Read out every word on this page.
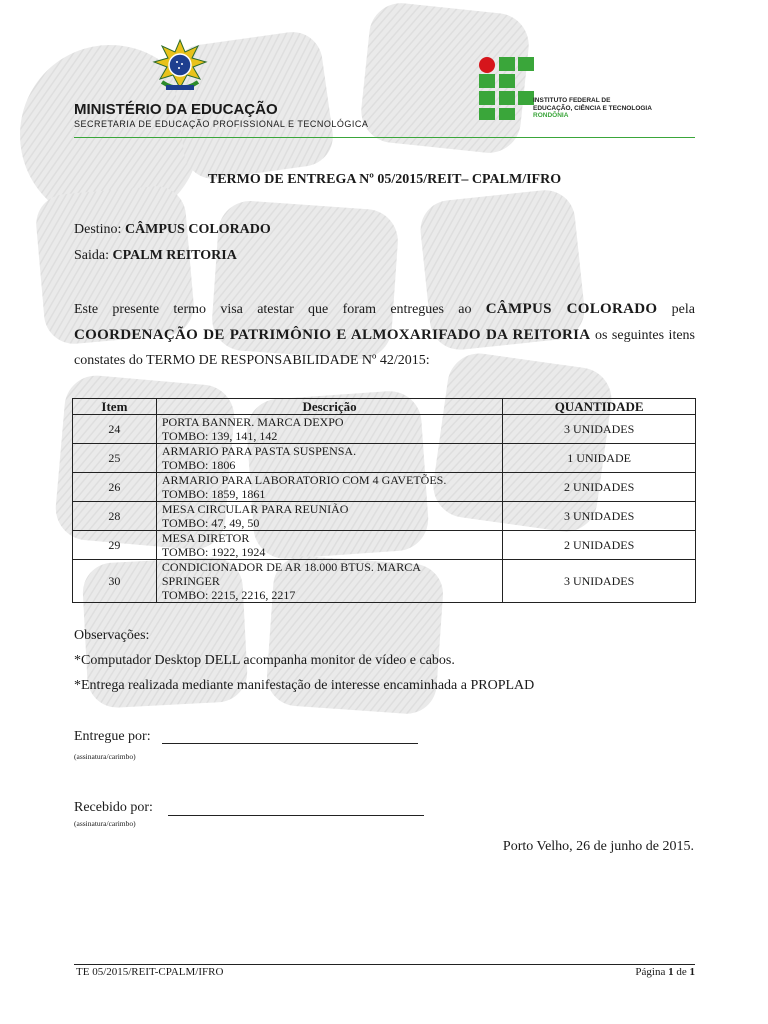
MINISTÉRIO DA EDUCAÇÃO

SECRETARIA DE EDUCAÇÃO PROFISSIONAL E TECNOLÓGICA

INSTITUTO FEDERAL DE
EDUCAÇÃO, CIÊNCIA E TECNOLOGIA
RONDÔNIA

TERMO DE ENTREGA Nº 05/2015/REIT– CPALM/IFRO

Destino: CÂMPUS COLORADO

Saida: CPALM REITORIA

Este presente termo visa atestar que foram entregues ao CÂMPUS COLORADO pela COORDENAÇÃO DE PATRIMÔNIO E ALMOXARIFADO DA REITORIA os seguintes itens constates do TERMO DE RESPONSABILIDADE Nº 42/2015:

Item	Descrição	QUANTIDADE
24	PORTA BANNER. MARCA DEXPO
TOMBO: 139, 141, 142	3 UNIDADES
25	ARMARIO PARA PASTA SUSPENSA.
TOMBO: 1806	1 UNIDADE
26	ARMARIO PARA LABORATORIO COM 4 GAVETÕES.
TOMBO: 1859, 1861	2 UNIDADES
28	MESA CIRCULAR PARA REUNIÃO
TOMBO: 47, 49, 50	3 UNIDADES
29	MESA DIRETOR
TOMBO: 1922, 1924	2 UNIDADES
30	CONDICIONADOR DE AR 18.000 BTUS. MARCA
SPRINGER
TOMBO: 2215, 2216, 2217	3 UNIDADES

Observações:

*Computador Desktop DELL acompanha monitor de vídeo e cabos.

*Entrega realizada mediante manifestação de interesse encaminhada a PROPLAD

Entregue por:

(assinatura/carimbo)

Recebido por:

(assinatura/carimbo)

Porto Velho, 26 de junho de 2015.

TE 05/2015/REIT-CPALM/IFRO	Página 1 de 1
